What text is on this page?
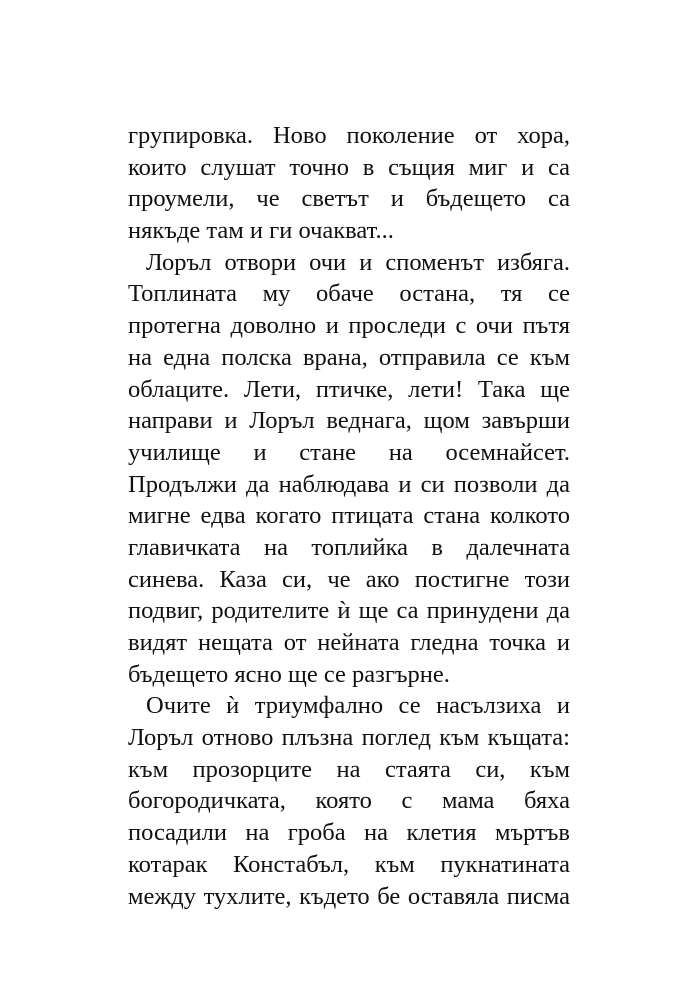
групировка. Ново поколение от хора,
които слушат точно в същия миг и са
проумели, че светът и бъдещето са
някъде там и ги очакват...
Лоръл отвори очи и споменът избяга.
Топлината му обаче остана, тя се
протегна доволно и проследи с очи пътя
на една полска врана, отправила се към
облаците. Лети, птичке, лети! Така ще
направи и Лоръл веднага, щом завърши
училище и стане на осемнайсет.
Продължи да наблюдава и си позволи да
мигне едва когато птицата стана колкото
главичката на топлийка в далечната
синева. Каза си, че ако постигне този
подвиг, родителите ѝ ще са принудени да
видят нещата от нейната гледна точка и
бъдещето ясно ще се разгърне.
Очите ѝ триумфално се насълзиха и
Лоръл отново плъзна поглед към къщата:
към прозорците на стаята си, към
богородичката, която с мама бяха
посадили на гроба на клетия мъртъв
котарак Констабъл, към пукнатината
между тухлите, където бе оставяла писма
